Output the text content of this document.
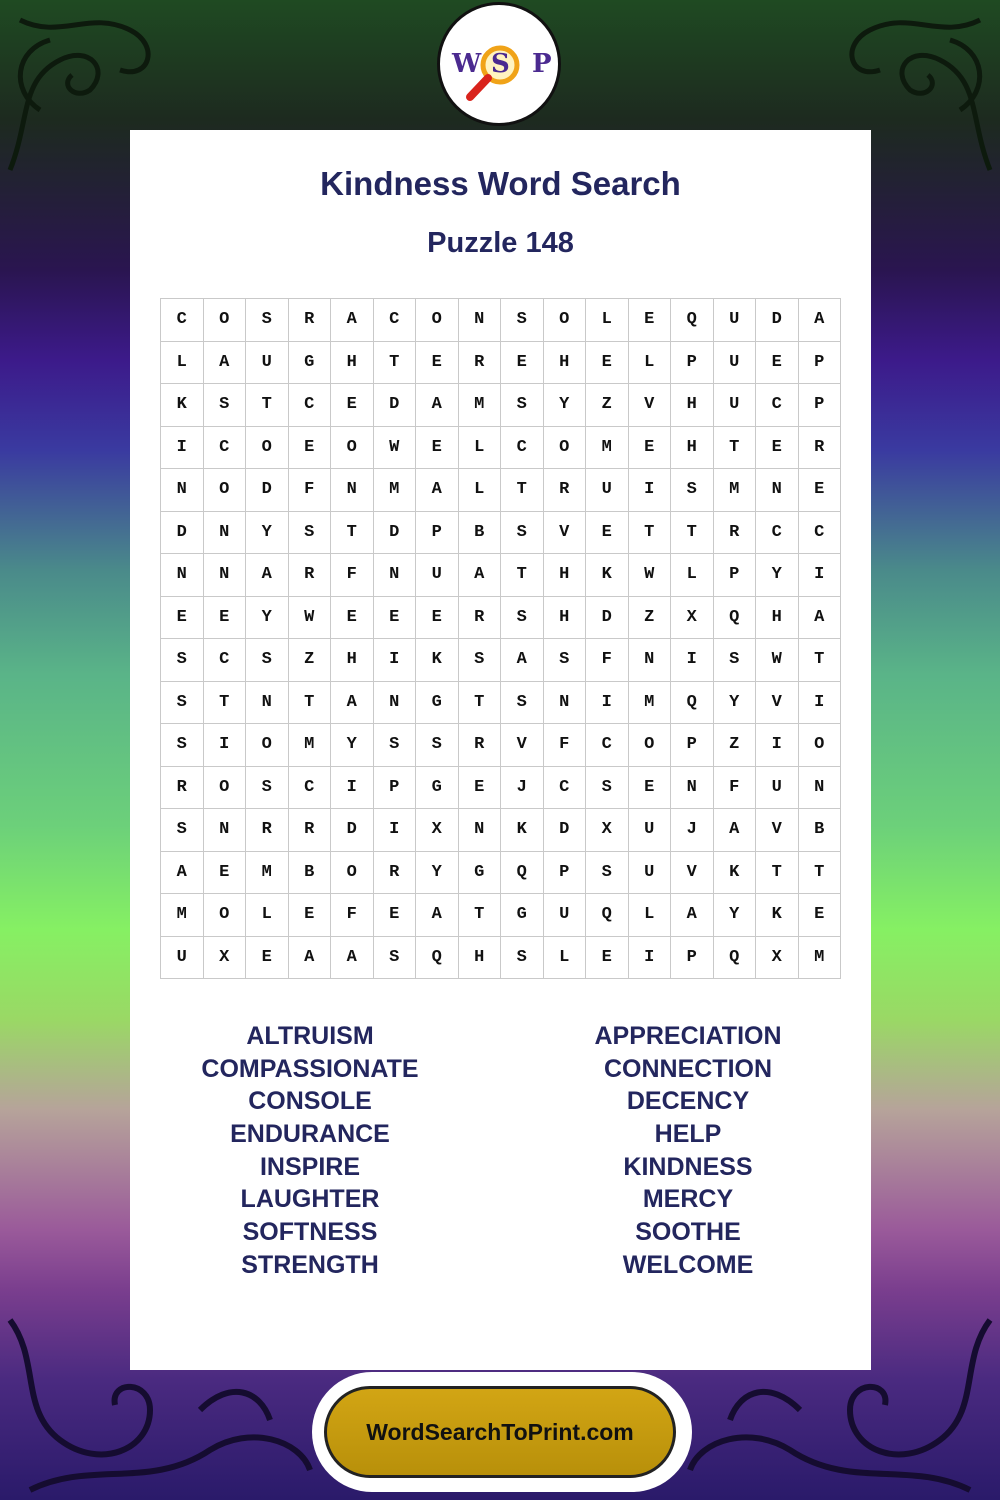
Kindness Word Search
Puzzle 148
C	O	S	R	A	C	O	N	S	O	L	E	Q	U	D	A
L	A	U	G	H	T	E	R	E	H	E	L	P	U	E	P
K	S	T	C	E	D	A	M	S	Y	Z	V	H	U	C	P
I	C	O	E	O	W	E	L	C	O	M	E	H	T	E	R
N	O	D	F	N	M	A	L	T	R	U	I	S	M	N	E
D	N	Y	S	T	D	P	B	S	V	E	T	T	R	C	C
N	N	A	R	F	N	U	A	T	H	K	W	L	P	Y	I
E	E	Y	W	E	E	E	R	S	H	D	Z	X	Q	H	A
S	C	S	Z	H	I	K	S	A	S	F	N	I	S	W	T
S	T	N	T	A	N	G	T	S	N	I	M	Q	Y	V	I
S	I	O	M	Y	S	S	R	V	F	C	O	P	Z	I	O
R	O	S	C	I	P	G	E	J	C	S	E	N	F	U	N
S	N	R	R	D	I	X	N	K	D	X	U	J	A	V	B
A	E	M	B	O	R	Y	G	Q	P	S	U	V	K	T	T
M	O	L	E	F	E	A	T	G	U	Q	L	A	Y	K	E
U	X	E	A	A	S	Q	H	S	L	E	I	P	Q	X	M
ALTRUISM
COMPASSIONATE
CONSOLE
ENDURANCE
INSPIRE
LAUGHTER
SOFTNESS
STRENGTH
APPRECIATION
CONNECTION
DECENCY
HELP
KINDNESS
MERCY
SOOTHE
WELCOME
W S P
WordSearchToPrint.com
